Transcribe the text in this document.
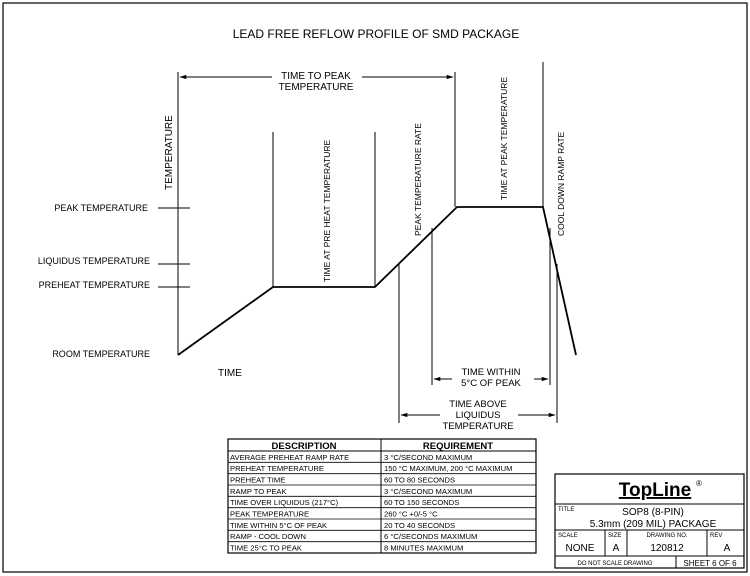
LEAD FREE REFLOW PROFILE OF SMD PACKAGE
TEMPERATURE
TIME
PEAK TEMPERATURE
LIQUIDUS TEMPERATURE
PREHEAT TEMPERATURE
ROOM TEMPERATURE
TIME TO PEAK
TEMPERATURE
TIME AT PRE HEAT TEMPERATURE	PEAK TEMPERATURE RATE	TIME AT PEAK TEMPERATURE	COOL DOWN RAMP RATE
TIME WITHIN
5°C OF PEAK
TIME ABOVE
LIQUIDUS
TEMPERATURE
DESCRIPTION	REQUIREMENT
AVERAGE PREHEAT RAMP RATE	3 °C/SECOND MAXIMUM
PREHEAT TEMPERATURE	150 °C MAXIMUM, 200 °C MAXIMUM
PREHEAT TIME	60 TO 80 SECONDS
RAMP TO PEAK	3 °C/SECOND MAXIMUM
TIME OVER LIQUIDUS (217°C)	60 TO 150 SECONDS
PEAK TEMPERATURE	260 °C +0/-5 °C
TIME WITHIN 5°C OF PEAK	20 TO 40 SECONDS
RAMP - COOL DOWN	6 °C/SECONDS MAXIMUM
TIME 25°C TO PEAK	8 MINUTES MAXIMUM
TopLine ®
TITLE	SOP8 (8-PIN)
5.3mm (209 MIL) PACKAGE
SCALE
NONE
SIZE
A
DRAWING NO.
120812
REV
A
DO NOT SCALE DRAWING	SHEET 6 OF 6
